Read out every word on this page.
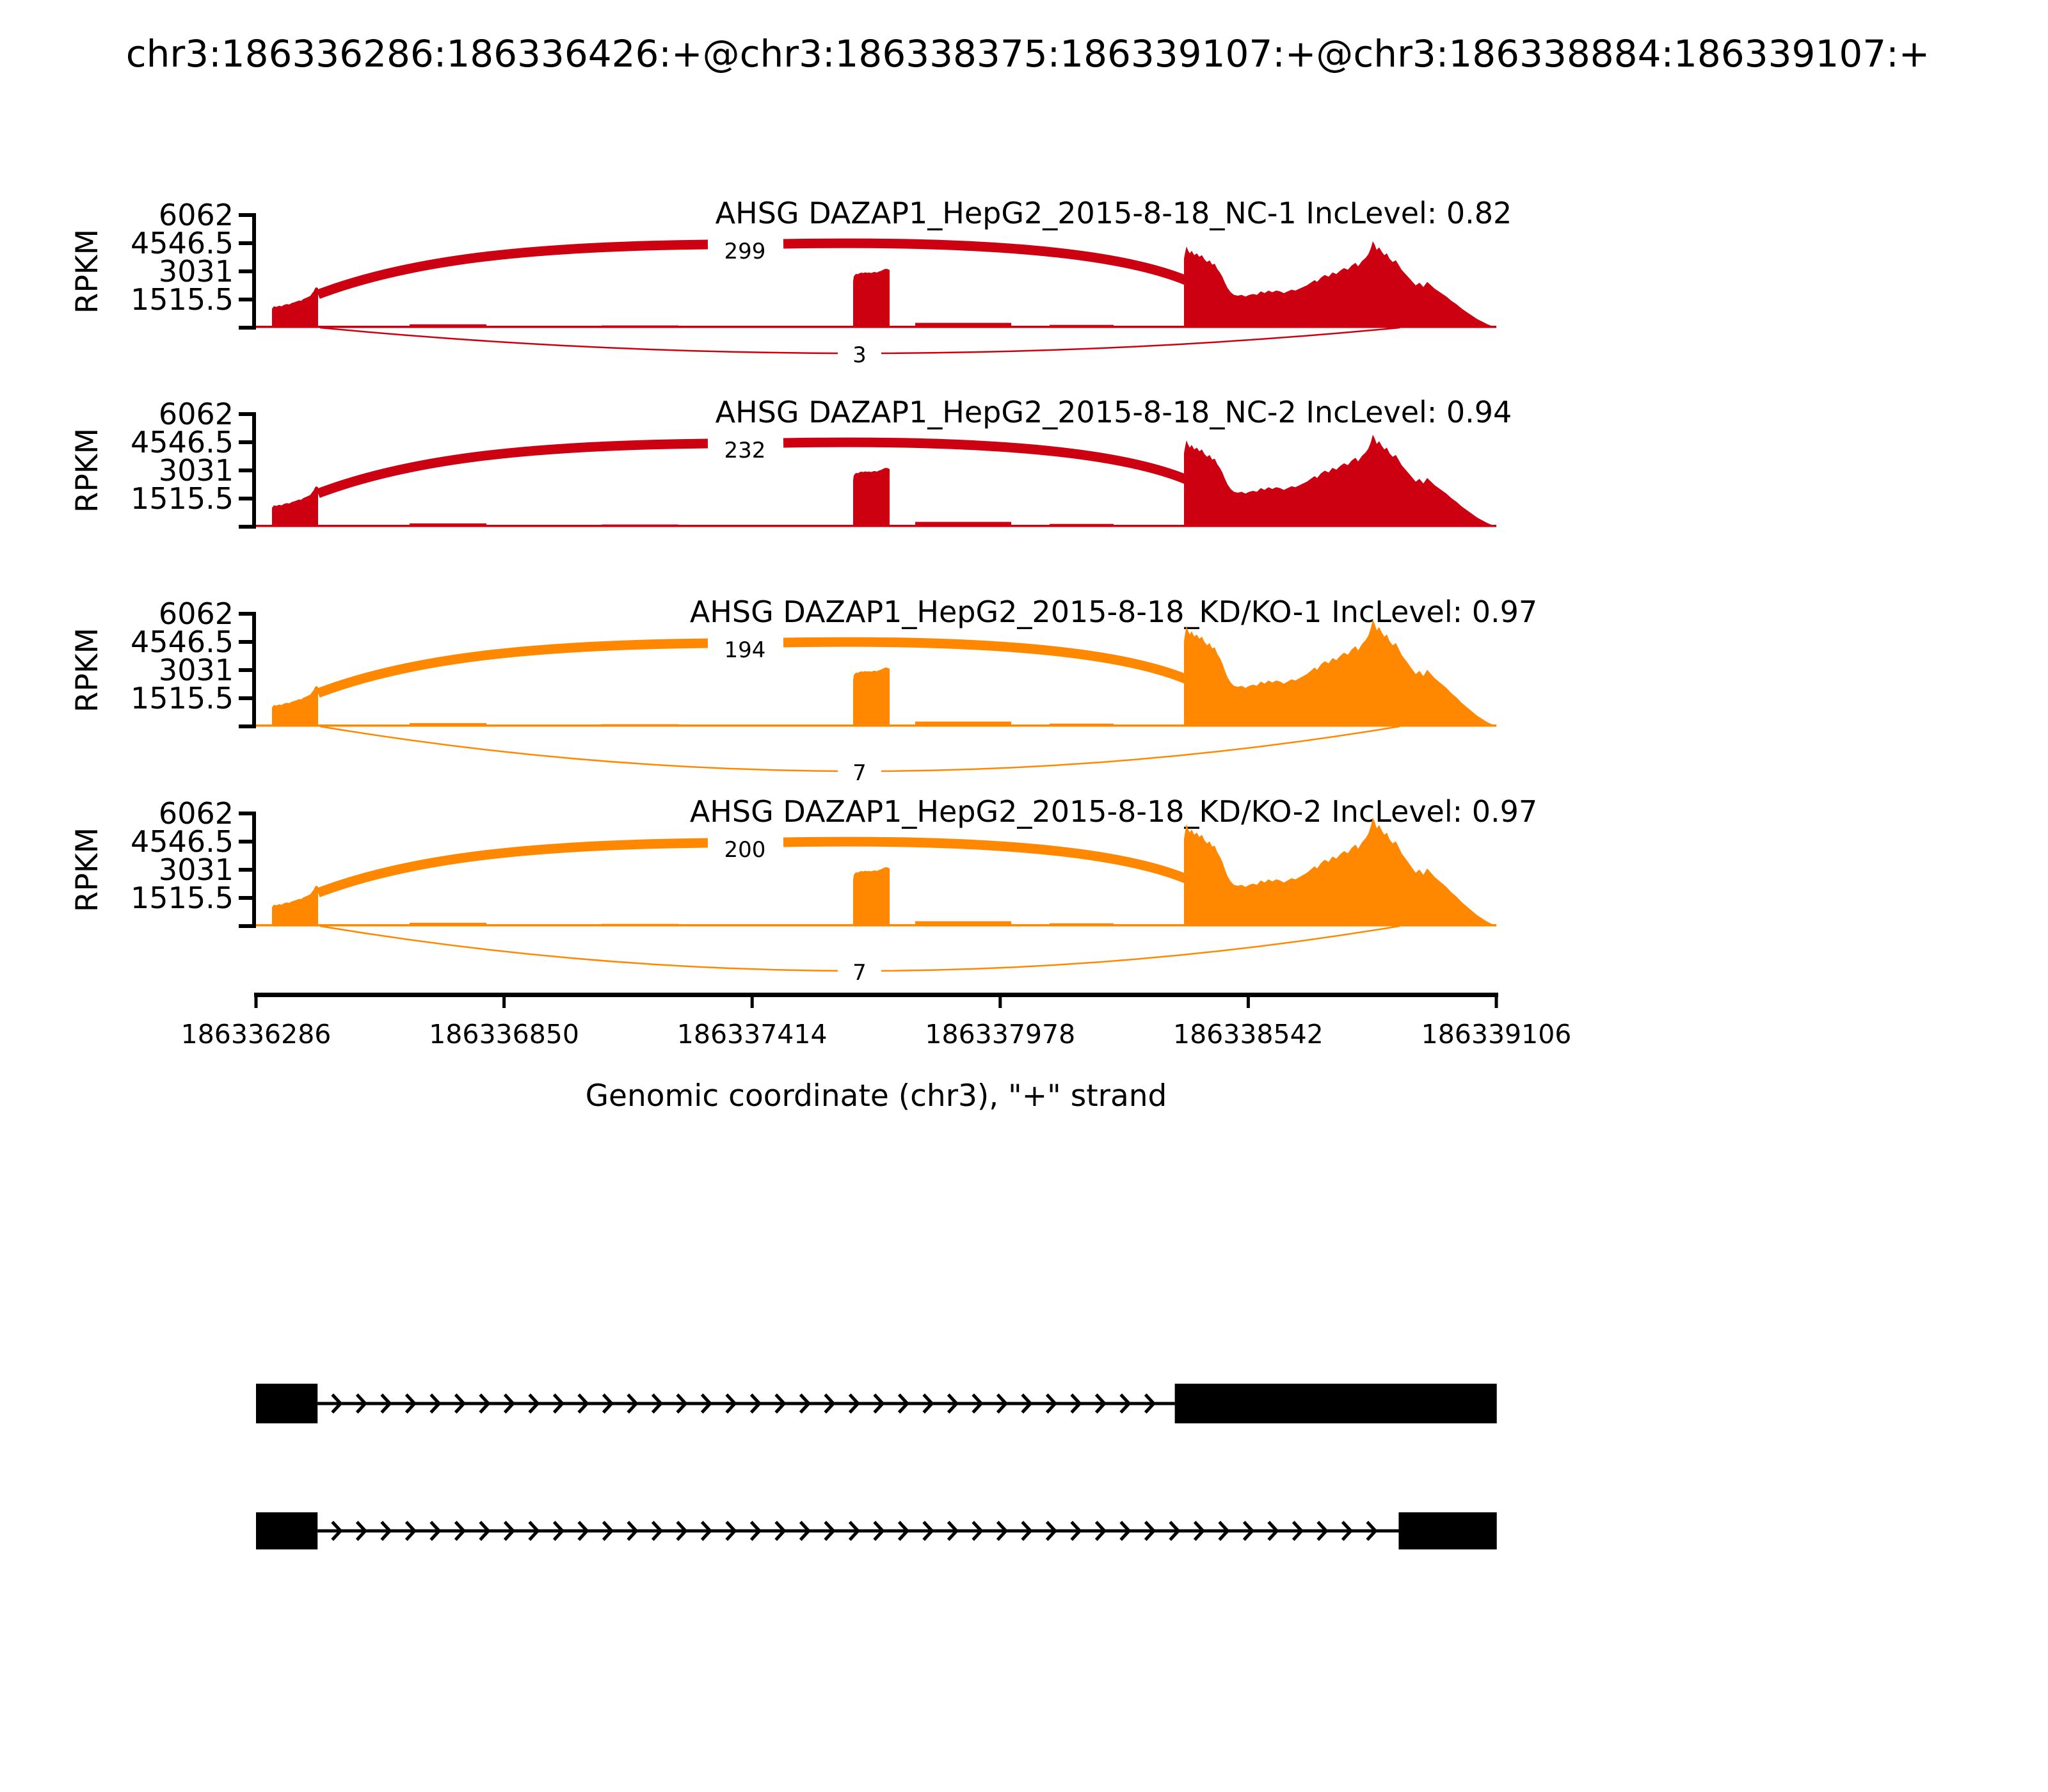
chr3:186336286:186336426:+@chr3:186338375:186339107:+@chr3:186338884:186339107:+
6062
4546.5
3031
1515.5
RPKM
AHSG DAZAP1_HepG2_2015-8-18_NC-1 IncLevel: 0.82
299
3
6062
4546.5
3031
1515.5
RPKM
AHSG DAZAP1_HepG2_2015-8-18_NC-2 IncLevel: 0.94
232
6062
4546.5
3031
1515.5
RPKM
AHSG DAZAP1_HepG2_2015-8-18_KD/KO-1 IncLevel: 0.97
194
7
6062
4546.5
3031
1515.5
RPKM
AHSG DAZAP1_HepG2_2015-8-18_KD/KO-2 IncLevel: 0.97
200
7
186336286	186336850	186337414	186337978	186338542	186339106
Genomic coordinate (chr3), "+" strand
